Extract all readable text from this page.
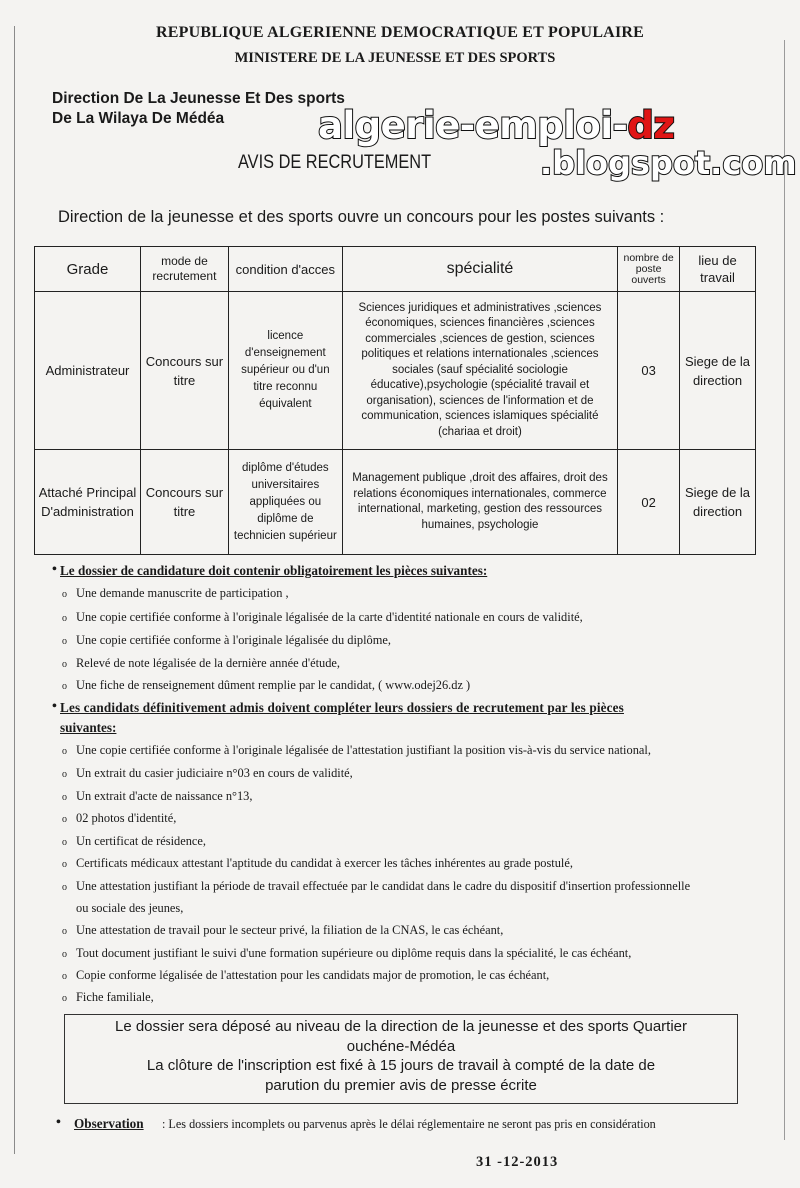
REPUBLIQUE ALGERIENNE DEMOCRATIQUE ET POPULAIRE
MINISTERE DE LA JEUNESSE ET DES SPORTS
Direction De La Jeunesse Et Des sports
De La Wilaya De Médéa	algerie-emploi-dz
.blogspot.com
AVIS DE RECRUTEMENT
Direction de la jeunesse et des sports ouvre un concours pour les postes suivants :
Grade	mode de recrutement	condition d'acces	spécialité	nombre de poste ouverts	lieu de travail
Administrateur	Concours sur titre	licence d'enseignement supérieur ou d'un titre reconnu équivalent	Sciences juridiques et administratives ,sciences économiques, sciences financières ,sciences commerciales ,sciences de gestion, sciences politiques et relations internationales ,sciences sociales (sauf spécialité sociologie éducative),psychologie (spécialité travail et organisation), sciences de l'information et de communication, sciences islamiques spécialité (chariaa et droit)	03	Siege de la direction
Attaché Principal D'administration	Concours sur titre	diplôme d'études universitaires appliquées ou diplôme de technicien supérieur	Management publique ,droit des affaires, droit des relations économiques internationales, commerce international, marketing, gestion des ressources humaines, psychologie	02	Siege de la direction
• Le dossier de candidature doit contenir obligatoirement les pièces suivantes:
o Une demande manuscrite de participation ,
o Une copie certifiée conforme à l'originale légalisée de la carte d'identité nationale en cours de validité,
o Une copie certifiée conforme à l'originale légalisée du diplôme,
o Relevé de note légalisée de la dernière année d'étude,
o Une fiche de renseignement dûment remplie par le candidat, ( www.odej26.dz )
• Les candidats définitivement admis doivent compléter leurs dossiers de recrutement par les pièces
suivantes:
o Une copie certifiée conforme à l'originale légalisée de l'attestation justifiant la position vis-à-vis du service national,
o Un extrait du casier judiciaire n°03 en cours de validité,
o Un extrait d'acte de naissance n°13,
o 02 photos d'identité,
o Un certificat de résidence,
o Certificats médicaux attestant l'aptitude du candidat à exercer les tâches inhérentes au grade postulé,
o Une attestation justifiant la période de travail effectuée par le candidat dans le cadre du dispositif d'insertion professionnelle
ou sociale des jeunes,
o Une attestation de travail pour le secteur privé, la filiation de la CNAS, le cas échéant,
o Tout document justifiant le suivi d'une formation supérieure ou diplôme requis dans la spécialité, le cas échéant,
o Copie conforme légalisée de l'attestation pour les candidats major de promotion, le cas échéant,
o Fiche familiale,
Le dossier sera déposé au niveau de la direction de la jeunesse et des sports Quartier
ouchéne-Médéa
La clôture de l'inscription est fixé à 15 jours de travail à compté de la date de
parution du premier avis de presse écrite
• Observation : Les dossiers incomplets ou parvenus après le délai réglementaire ne seront pas pris en considération
31 -12-2013
